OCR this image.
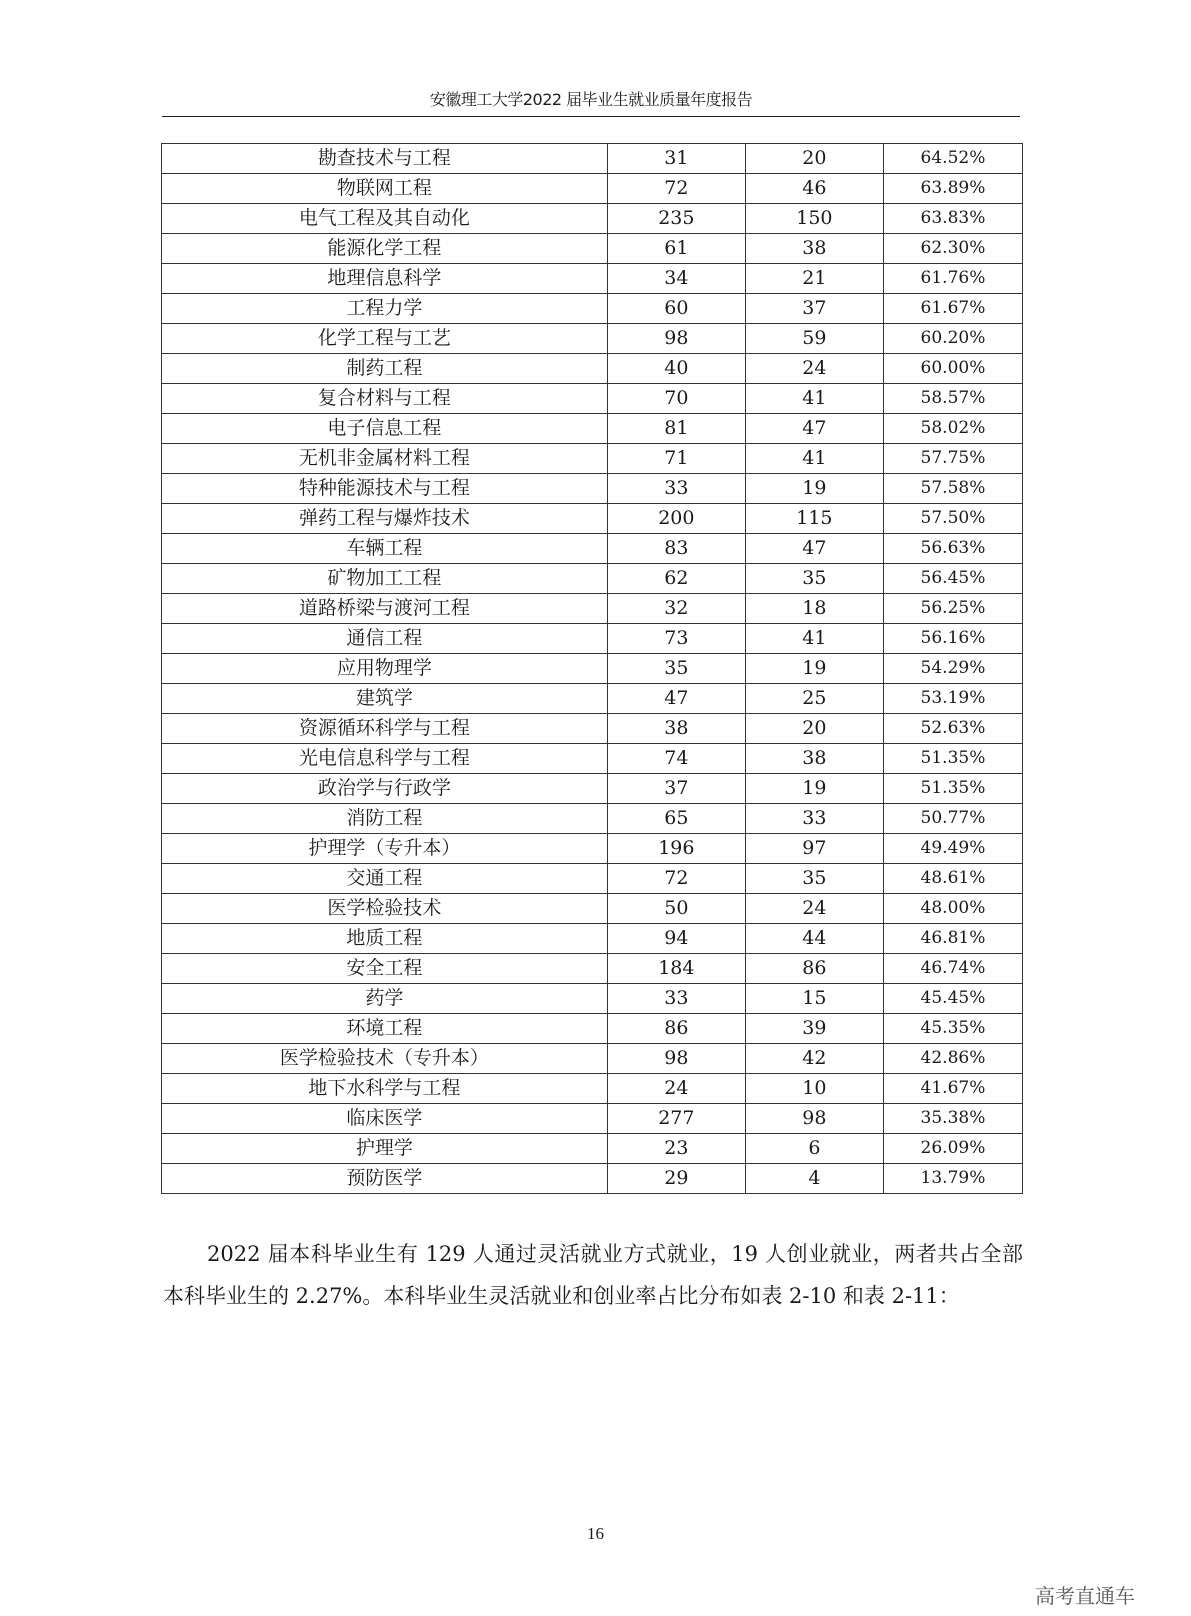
安徽理工大学2022 届毕业生就业质量年度报告
勘查技术与工程	31	20	64.52%
物联网工程	72	46	63.89%
电气工程及其自动化	235	150	63.83%
能源化学工程	61	38	62.30%
地理信息科学	34	21	61.76%
工程力学	60	37	61.67%
化学工程与工艺	98	59	60.20%
制药工程	40	24	60.00%
复合材料与工程	70	41	58.57%
电子信息工程	81	47	58.02%
无机非金属材料工程	71	41	57.75%
特种能源技术与工程	33	19	57.58%
弹药工程与爆炸技术	200	115	57.50%
车辆工程	83	47	56.63%
矿物加工工程	62	35	56.45%
道路桥梁与渡河工程	32	18	56.25%
通信工程	73	41	56.16%
应用物理学	35	19	54.29%
建筑学	47	25	53.19%
资源循环科学与工程	38	20	52.63%
光电信息科学与工程	74	38	51.35%
政治学与行政学	37	19	51.35%
消防工程	65	33	50.77%
护理学（专升本）	196	97	49.49%
交通工程	72	35	48.61%
医学检验技术	50	24	48.00%
地质工程	94	44	46.81%
安全工程	184	86	46.74%
药学	33	15	45.45%
环境工程	86	39	45.35%
医学检验技术（专升本）	98	42	42.86%
地下水科学与工程	24	10	41.67%
临床医学	277	98	35.38%
护理学	23	6	26.09%
预防医学	29	4	13.79%
2022 届本科毕业生有 129 人通过灵活就业方式就业，19 人创业就业，两者共占全部本科毕业生的 2.27%。本科毕业生灵活就业和创业率占比分布如表 2-10 和表 2-11：
16
高考直通车
